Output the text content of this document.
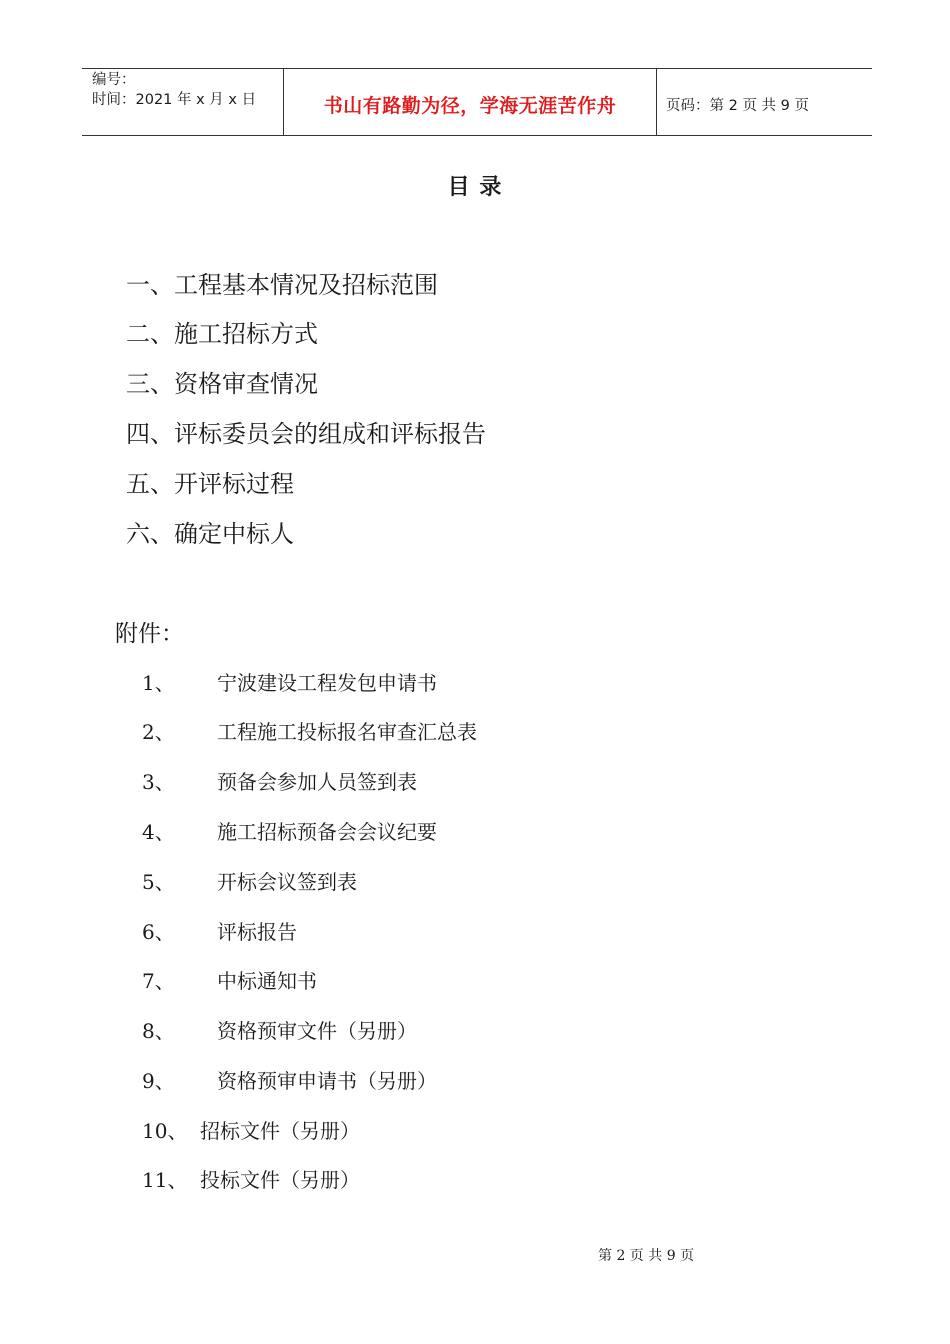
编号：
时间：2021 年 x 月 x 日	书山有路勤为径，学海无涯苦作舟	页码：第 2 页 共 9 页
目 录
一、工程基本情况及招标范围
二、施工招标方式
三、资格审查情况
四、评标委员会的组成和评标报告
五、开评标过程
六、确定中标人
附件：
1、 宁波建设工程发包申请书
2、 工程施工投标报名审查汇总表
3、 预备会参加人员签到表
4、 施工招标预备会会议纪要
5、 开标会议签到表
6、 评标报告
7、 中标通知书
8、 资格预审文件（另册）
9、 资格预审申请书（另册）
10、 招标文件（另册）
11、 投标文件（另册）
第 2 页 共 9 页
